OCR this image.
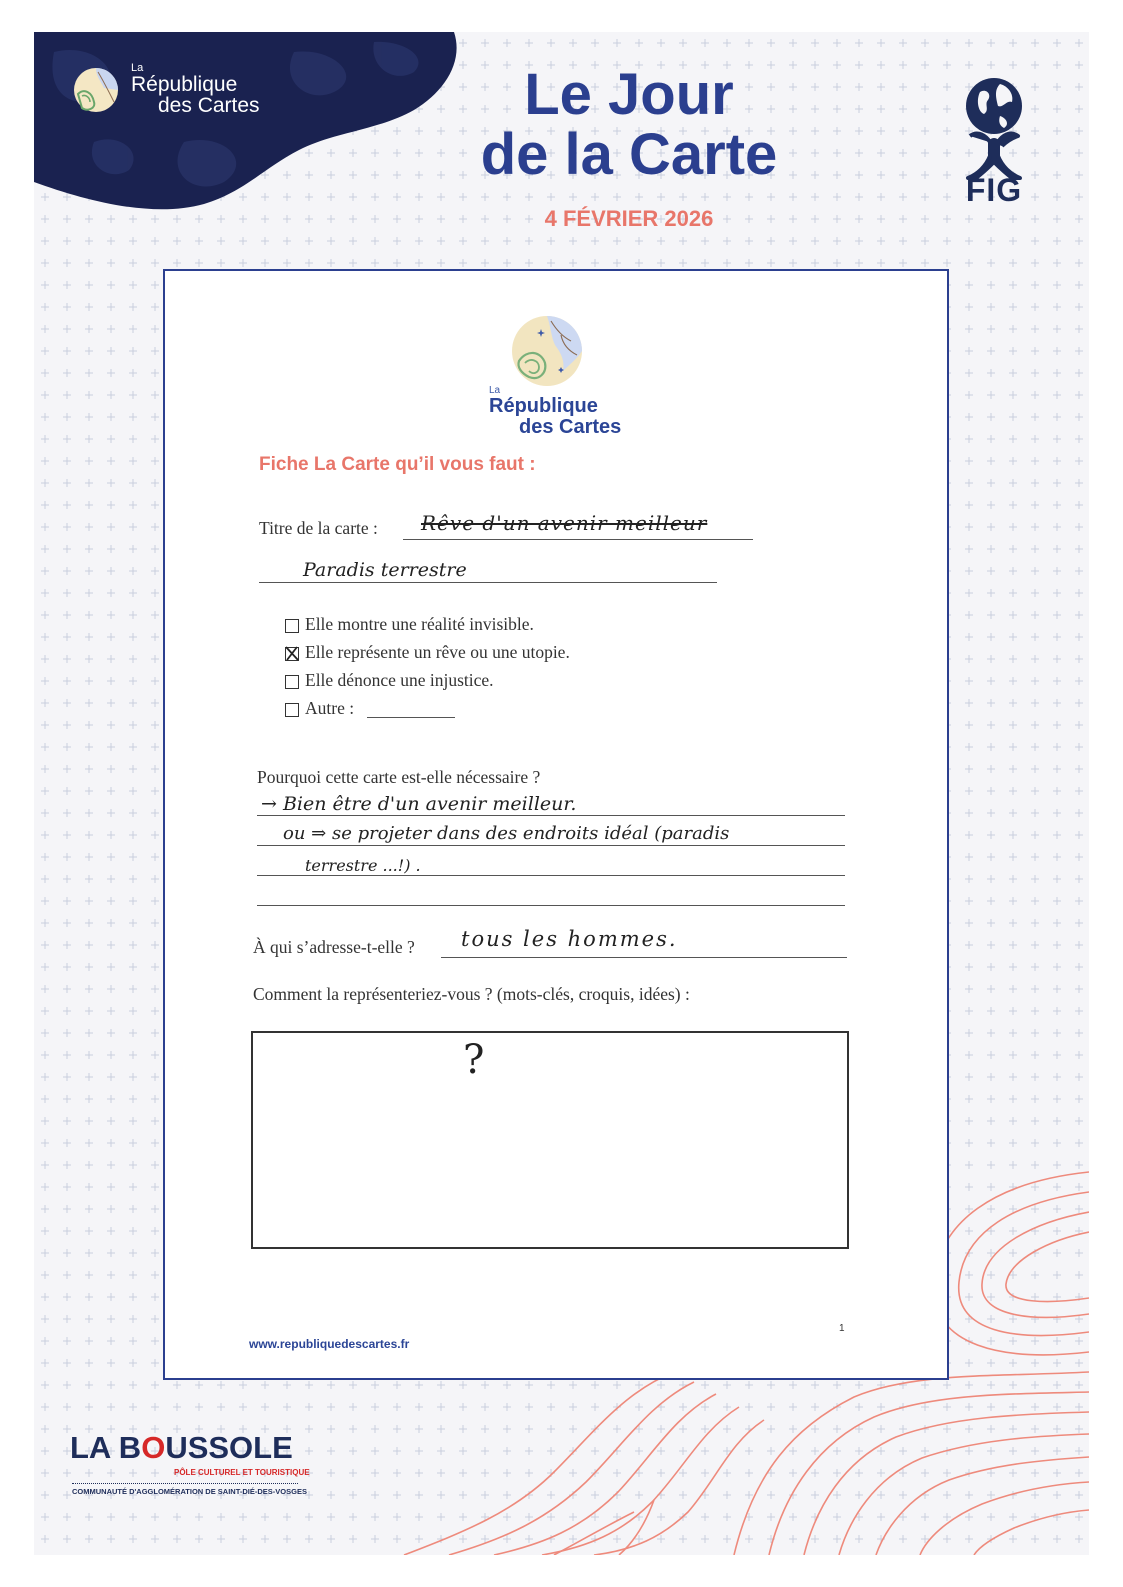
La
République
des Cartes	Le Jour
de la Carte
4 FÉVRIER 2026
FIG
La
République
des Cartes
Fiche La Carte qu’il vous faut :
Titre de la carte : Rêve d'un avenir meilleur
Paradis terrestre
Elle montre une réalité invisible.
Elle représente un rêve ou une utopie.
Elle dénonce une injustice.
Autre :
Pourquoi cette carte est-elle nécessaire ?
→ Bien être d'un avenir meilleur.
ou ⇒ se projeter dans des endroits idéal (paradis
terrestre ...!) .
À qui s’adresse-t-elle ? tous les hommes.
Comment la représenteriez-vous ? (mots-clés, croquis, idées) :
?
www.republiquedescartes.fr
1
LA BOUSSOLE
PÔLE CULTUREL ET TOURISTIQUE
COMMUNAUTÉ D'AGGLOMÉRATION DE SAINT-DIÉ-DES-VOSGES
